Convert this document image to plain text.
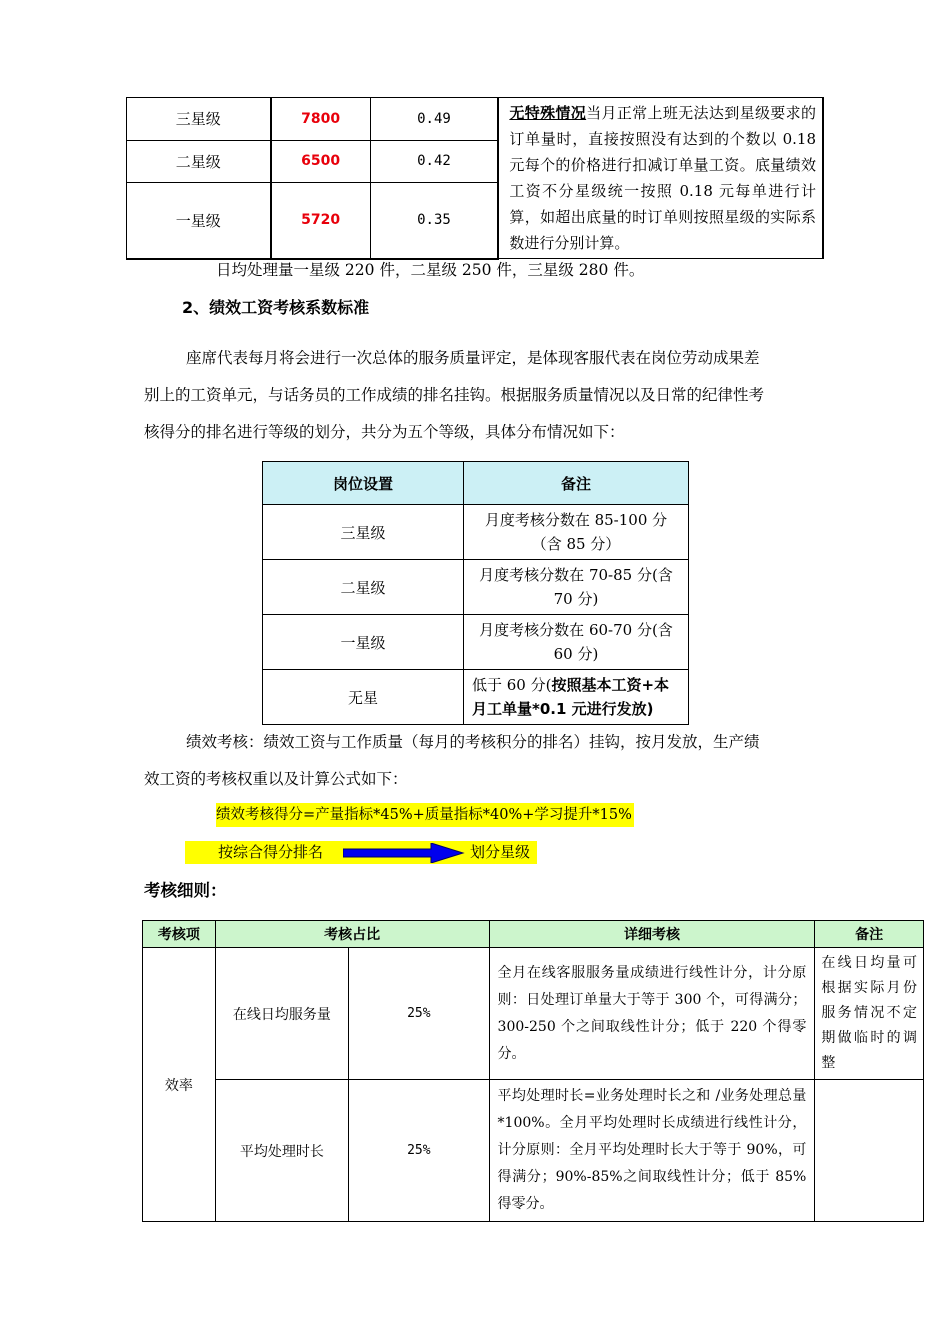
三星级	7800	0.49	无特殊情况当月正常上班无法达到星级要求的订单量时，直接按照没有达到的个数以 0.18 元每个的价格进行扣减订单量工资。底量绩效工资不分星级统一按照 0.18 元每单进行计算，如超出底量的时订单则按照星级的实际系数进行分别计算。
二星级	6500	0.42	
一星级	5720	0.35	
日均处理量一星级 220 件，二星级 250 件，三星级 280 件。
2、绩效工资考核系数标准
座席代表每月将会进行一次总体的服务质量评定，是体现客服代表在岗位劳动成果差
别上的工资单元，与话务员的工作成绩的排名挂钩。根据服务质量情况以及日常的纪律性考
核得分的排名进行等级的划分，共分为五个等级，具体分布情况如下：
岗位设置	备注
三星级	月度考核分数在 85-100 分（含 85 分）
二星级	月度考核分数在 70-85 分(含 70 分)
一星级	月度考核分数在 60-70 分(含 60 分)
无星	低于 60 分(按照基本工资+本月工单量*0.1 元进行发放)
绩效考核：绩效工资与工作质量（每月的考核积分的排名）挂钩，按月发放，生产绩
效工资的考核权重以及计算公式如下：
绩效考核得分=产量指标*45%+质量指标*40%+学习提升*15%
按综合得分排名	划分星级
考核细则：
考核项	考核占比		详细考核	备注
效率	在线日均服务量	25%	全月在线客服服务量成绩进行线性计分，计分原则：日处理订单量大于等于 300 个，可得满分；300-250 个之间取线性计分；低于 220 个得零分。	在线日均量可根据实际月份服务情况不定期做临时的调整
	平均处理时长	25%	平均处理时长=业务处理时长之和 /业务处理总量*100%。全月平均处理时长成绩进行线性计分，计分原则：全月平均处理时长大于等于 90%，可得满分；90%-85%之间取线性计分；低于 85%得零分。	
